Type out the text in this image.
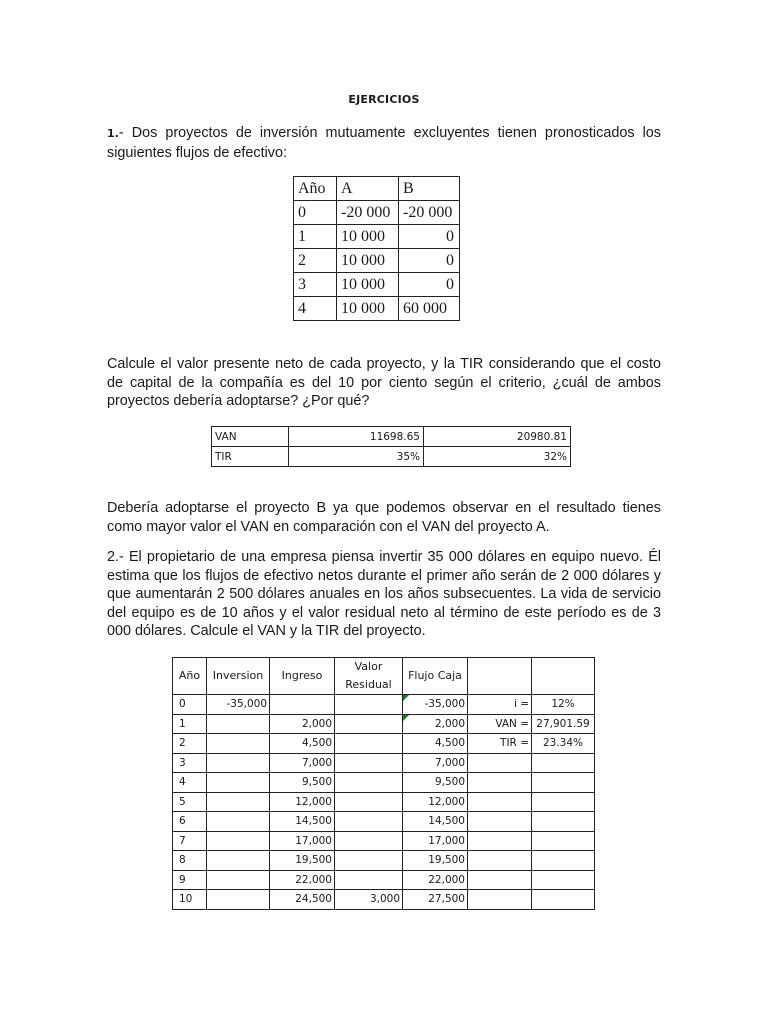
EJERCICIOS
1.- Dos proyectos de inversión mutuamente excluyentes tienen pronosticados los siguientes flujos de efectivo:
Año	A	B
0	-20 000	-20 000
1	10 000	0
2	10 000	0
3	10 000	0
4	10 000	60 000
Calcule el valor presente neto de cada proyecto, y la TIR considerando que el costo de capital de la compañía es del 10 por ciento según el criterio, ¿cuál de ambos proyectos debería adoptarse? ¿Por qué?
VAN	11698.65	20980.81
TIR	35%	32%
Debería adoptarse el proyecto B ya que podemos observar en el resultado tienes como mayor valor el VAN en comparación con el VAN del proyecto A.
2.- El propietario de una empresa piensa invertir 35 000 dólares en equipo nuevo. Él estima que los flujos de efectivo netos durante el primer año serán de 2 000 dólares y que aumentarán 2 500 dólares anuales en los años subsecuentes. La vida de servicio del equipo es de 10 años y el valor residual neto al término de este período es de 3 000 dólares. Calcule el VAN y la TIR del proyecto.
Año	Inversion	Ingreso	Valor Residual	Flujo Caja		
0	-35,000			-35,000	i =	12%
1		2,000		2,000	VAN =	27,901.59
2		4,500		4,500	TIR =	23.34%
3		7,000		7,000		
4		9,500		9,500		
5		12,000		12,000		
6		14,500		14,500		
7		17,000		17,000		
8		19,500		19,500		
9		22,000		22,000		
10		24,500	3,000	27,500		
